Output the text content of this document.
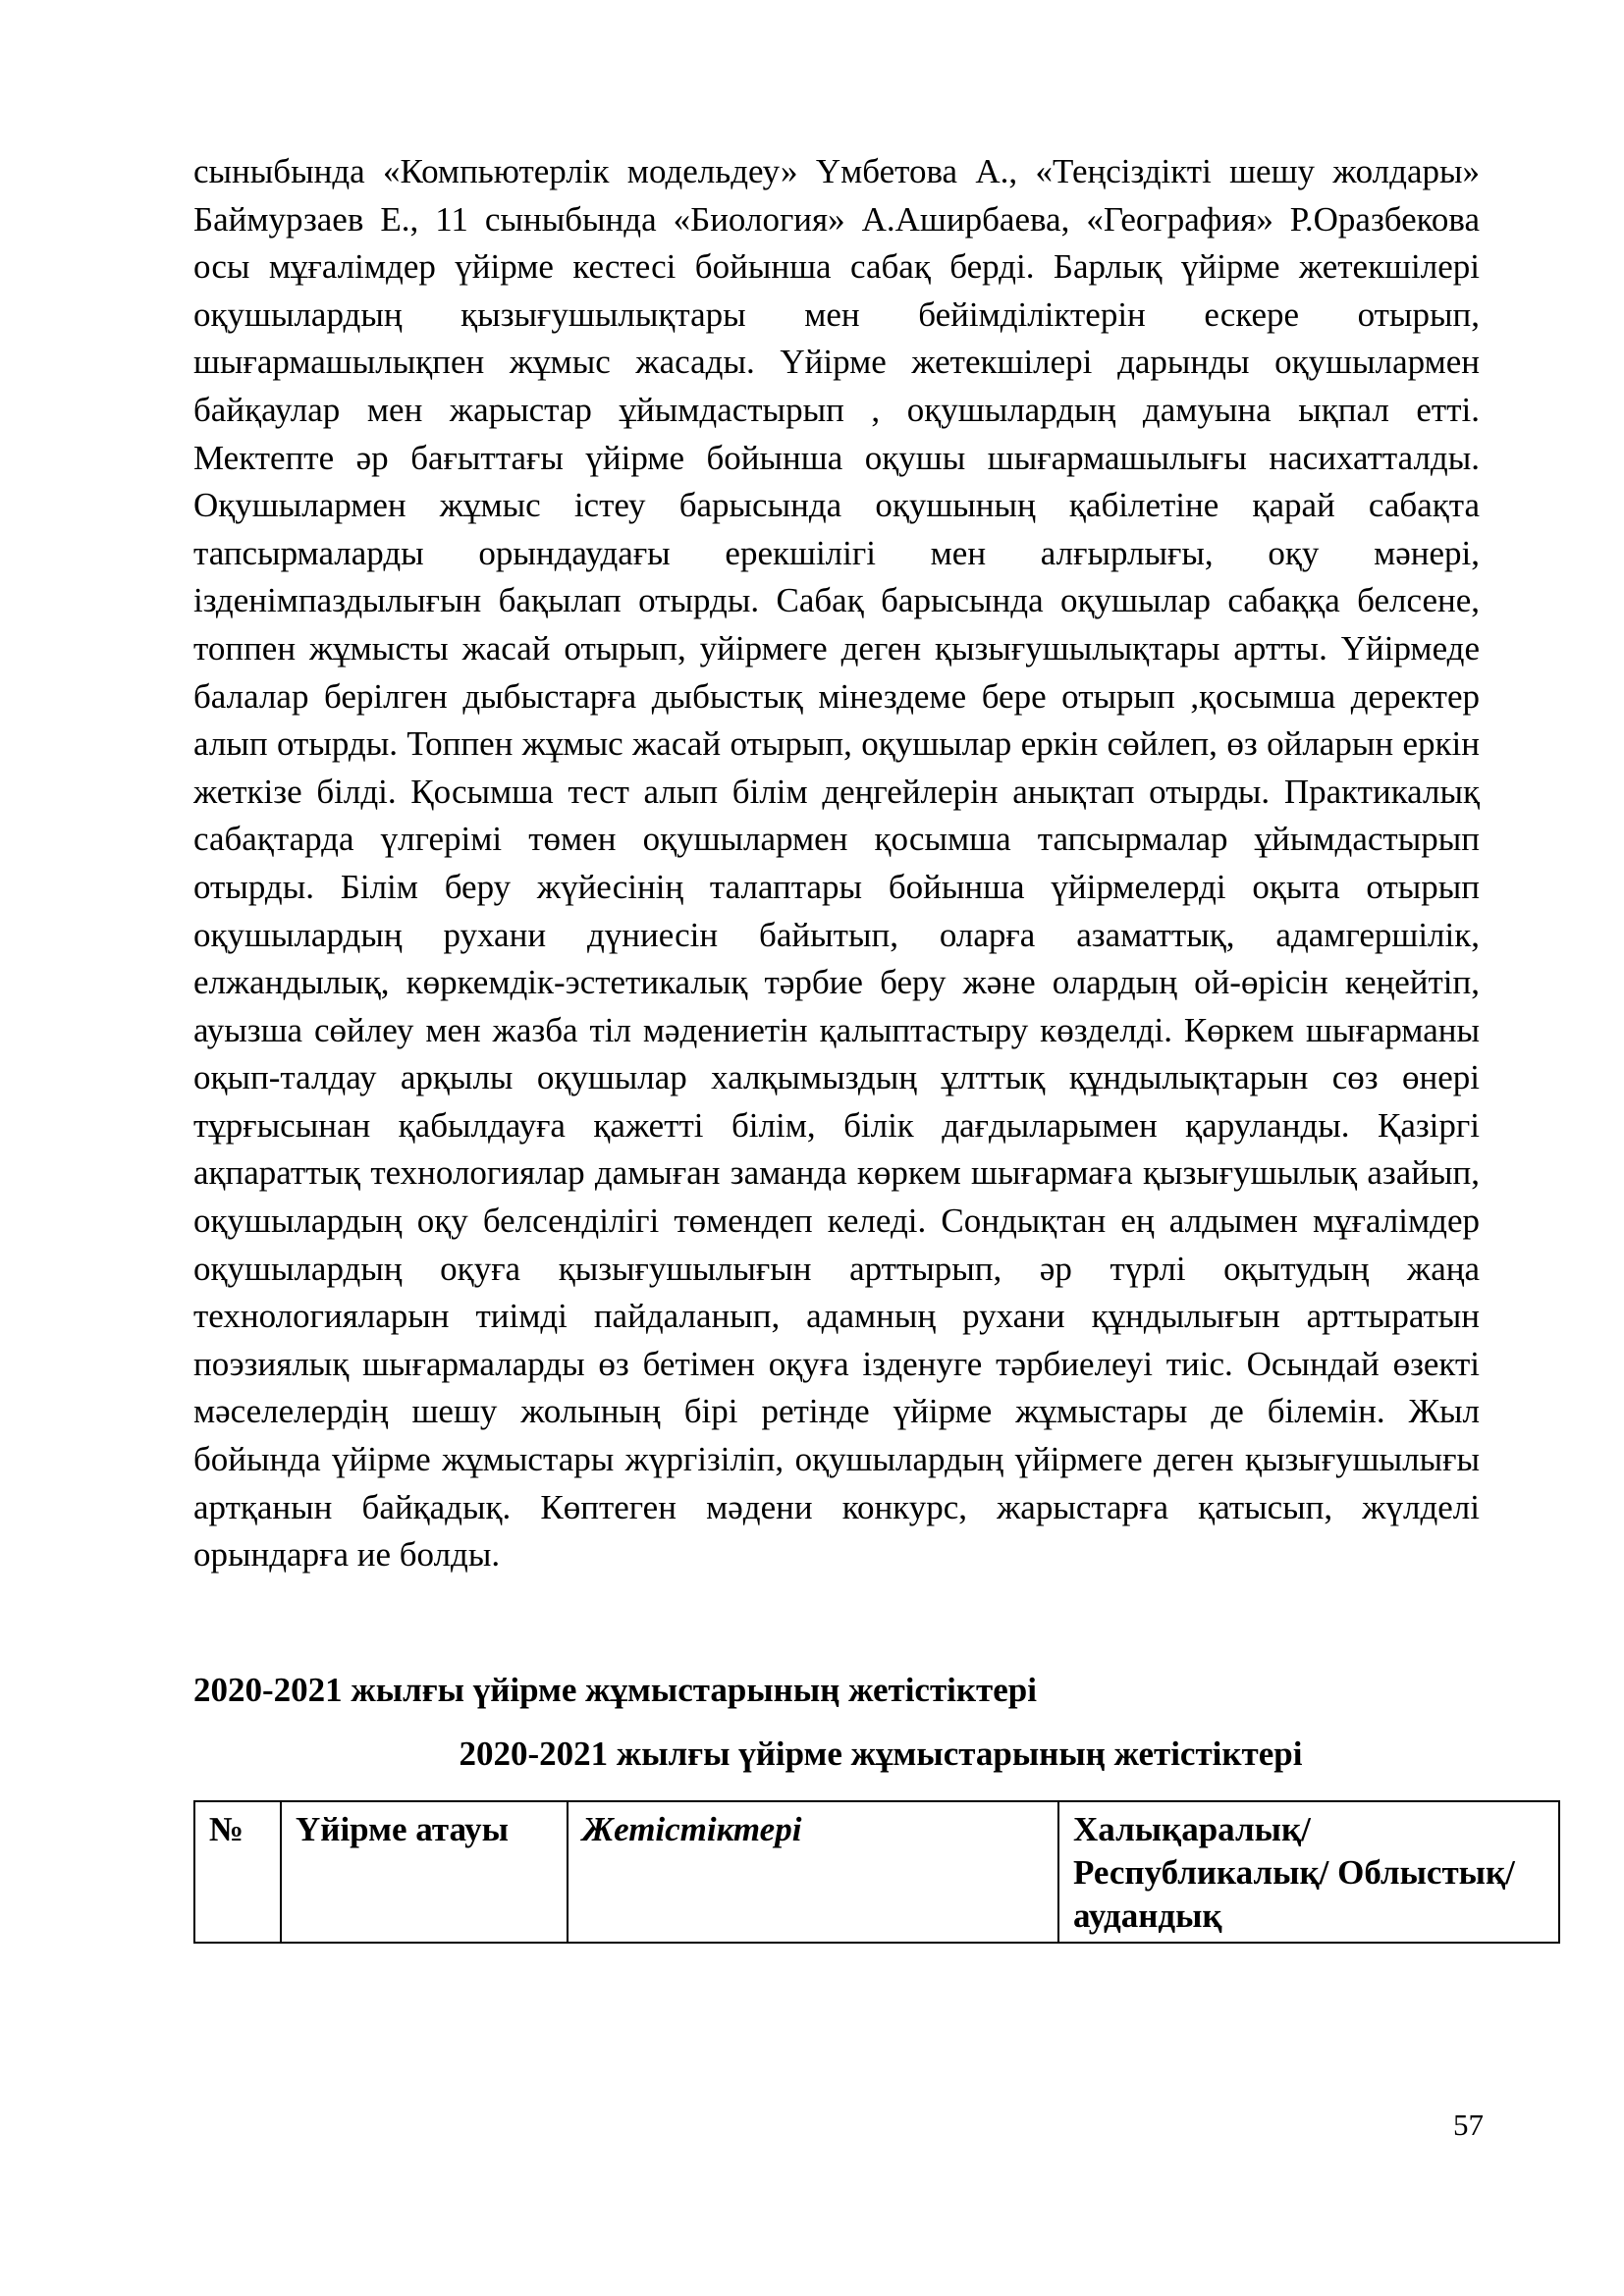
сыныбында «Компьютерлік модельдеу» Үмбетова А., «Теңсіздікті шешу жолдары» Баймурзаев Е., 11 сыныбында «Биология» А.Аширбаева, «География» Р.Оразбекова осы мұғалімдер үйірме кестесі бойынша сабақ берді. Барлық үйірме жетекшілері оқушылардың қызығушылықтары мен бейімділіктерін ескере отырып, шығармашылықпен жұмыс жасады. Үйірме жетекшілері дарынды оқушылармен байқаулар мен жарыстар ұйымдастырып , оқушылардың дамуына ықпал етті. Мектепте әр бағыттағы үйірме бойынша оқушы шығармашылығы насихатталды. Оқушылармен жұмыс істеу барысында оқушының қабілетіне қарай сабақта тапсырмаларды орындаудағы ерекшілігі мен алғырлығы, оқу мәнері, ізденімпаздылығын бақылап отырды. Сабақ барысында оқушылар сабаққа белсене, топпен жұмысты жасай отырып, уйірмеге деген қызығушылықтары артты. Үйірмеде балалар берілген дыбыстарға дыбыстық мінездеме бере отырып ,қосымша деректер алып отырды. Топпен жұмыс жасай отырып, оқушылар еркін сөйлеп, өз ойларын еркін жеткізе білді. Қосымша тест алып білім деңгейлерін анықтап отырды. Практикалық сабақтарда үлгерімі төмен оқушылармен қосымша тапсырмалар ұйымдастырып отырды. Білім беру жүйесінің талаптары бойынша үйірмелерді оқыта отырып оқушылардың рухани дүниесін байытып, оларға азаматтық, адамгершілік, елжандылық, көркемдік-эстетикалық тәрбие беру және олардың ой-өрісін кеңейтіп, ауызша сөйлеу мен жазба тіл мәдениетін қалыптастыру көзделді. Көркем шығарманы оқып-талдау арқылы оқушылар халқымыздың ұлттық құндылықтарын сөз өнері тұрғысынан қабылдауға қажетті білім, білік дағдыларымен қаруланды. Қазіргі ақпараттық технологиялар дамыған заманда көркем шығармаға қызығушылық азайып, оқушылардың оқу белсенділігі төмендеп келеді. Сондықтан ең алдымен мұғалімдер оқушылардың оқуға қызығушылығын арттырып, әр түрлі оқытудың жаңа технологияларын тиімді пайдаланып, адамның рухани құндылығын арттыратын поэзиялық шығармаларды өз бетімен оқуға ізденуге тәрбиелеуі тиіс. Осындай өзекті мәселелердің шешу жолының бірі ретінде үйірме жұмыстары де білемін. Жыл бойында үйірме жұмыстары жүргізіліп, оқушылардың үйірмеге деген қызығушылығы артқанын байқадық. Көптеген мәдени конкурс, жарыстарға қатысып, жүлделі орындарға ие болды.

2020-2021 жылғы үйірме жұмыстарының жетістіктері

2020-2021 жылғы үйірме жұмыстарының жетістіктері

№	Үйірме атауы	Жетістіктері	Халықаралық/ Республикалық/ Облыстық/ аудандық

57
